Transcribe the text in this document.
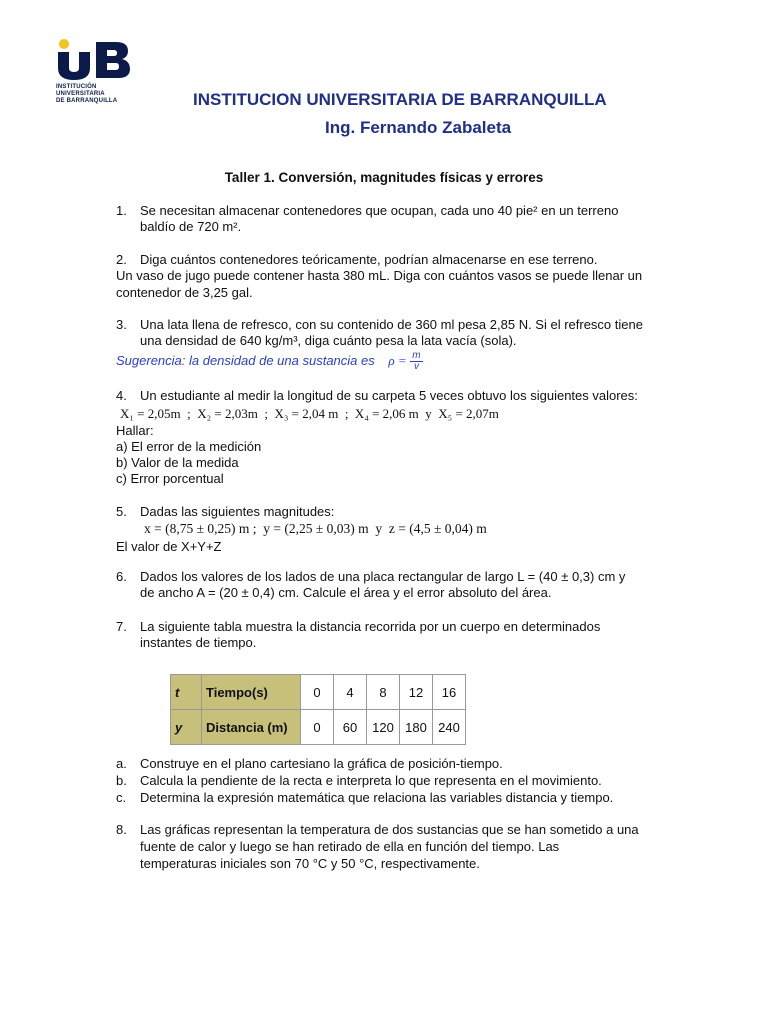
INSTITUCIÓN
UNIVERSITARIA
DE BARRANQUILLA	INSTITUCION UNIVERSITARIA DE BARRANQUILLA
Ing. Fernando Zabaleta
Taller 1. Conversión, magnitudes físicas y errores
1. Se necesitan almacenar contenedores que ocupan, cada uno 40 pie² en un terreno
baldío de 720 m².
2. Diga cuántos contenedores teóricamente, podrían almacenarse en ese terreno.
Un vaso de jugo puede contener hasta 380 mL. Diga con cuántos vasos se puede llenar un
contenedor de 3,25 gal.
3. Una lata llena de refresco, con su contenido de 360 ml pesa 2,85 N. Si el refresco tiene
una densidad de 640 kg/m³, diga cuánto pesa la lata vacía (sola).
Sugerencia: la densidad de una sustancia es $\rho = \frac{m}{v}$
4. Un estudiante al medir la longitud de su carpeta 5 veces obtuvo los siguientes valores:
X₁ = 2,05m  ;  X₂ = 2,03m  ;  X₃ = 2,04 m  ;  X₄ = 2,06 m  y  X₅ = 2,07m
Hallar:
a) El error de la medición
b) Valor de la medida
c) Error porcentual
5. Dadas las siguientes magnitudes:
x = (8,75 ± 0,25) m ;  y = (2,25 ± 0,03) m  y  z = (4,5 ± 0,04) m
El valor de X+Y+Z
6. Dados los valores de los lados de una placa rectangular de largo L = (40 ± 0,3) cm y
de ancho A = (20 ± 0,4) cm. Calcule el área y el error absoluto del área.
7. La siguiente tabla muestra la distancia recorrida por un cuerpo en determinados
instantes de tiempo.
t	Tiempo(s)	0	4	8	12	16
y	Distancia (m)	0	60	120	180	240
a. Construye en el plano cartesiano la gráfica de posición-tiempo.
b. Calcula la pendiente de la recta e interpreta lo que representa en el movimiento.
c. Determina la expresión matemática que relaciona las variables distancia y tiempo.
8. Las gráficas representan la temperatura de dos sustancias que se han sometido a una
fuente de calor y luego se han retirado de ella en función del tiempo. Las
temperaturas iniciales son 70 °C y 50 °C, respectivamente.
